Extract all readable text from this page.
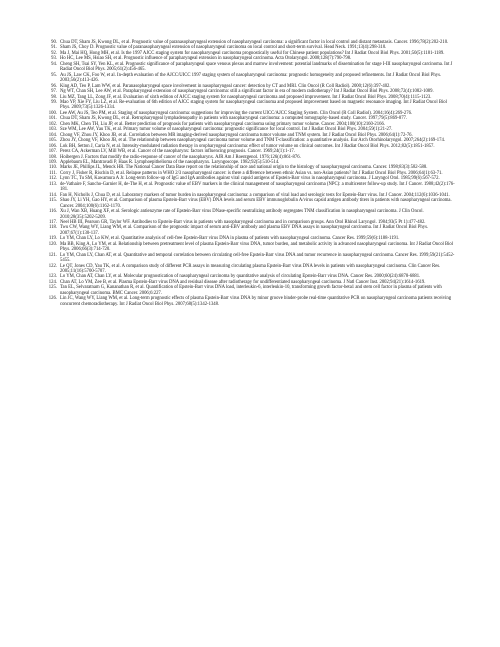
90. Chua DT, Sham JS, Kwong DL, et al. Prognostic value of paranasopharyngeal extension of nasopharyngeal carcinoma: a significant factor in local control and distant metastasis. Cancer. 1996;78(2):202-210.
91. Sham JS, Choy D. Prognostic value of paranasopharyngeal extension of nasopharyngeal carcinoma on local control and short-term survival. Head Neck. 1991;13(4):298-310.
92. Ma J, Mai HQ, Hong MH, et al. Is the 1997 AJCC staging system for nasopharyngeal carcinoma prognostically useful for Chinese patient populations? Int J Radiat Oncol Biol Phys. 2001;50(5):1181-1189.
93. Ho HC, Lee MS, Hsiao SH, et al. Prognostic influence of parapharyngeal extension in nasopharyngeal carcinoma. Acta Otolaryngol. 2008;128(7):790-798.
94. Cheng SH, Tsai SY, Yen KL, et al. Prognostic significance of parapharyngeal space venous plexus and marrow involvement: potential landmarks of dissemination for stage I-III nasopharyngeal carcinoma. Int J Radiat Oncol Biol Phys. 2005;61(2):456-465.
95. Au JS, Law CK, Foo W, et al. In-depth evaluation of the AJCC/UICC 1997 staging system of nasopharyngeal carcinoma: prognostic homogeneity and proposed refinements. Int J Radiat Oncol Biol Phys. 2003;56(2):413-426.
96. King AD, Teo P, Lam WW, et al. Paranasopharyngeal space involvement in nasopharyngeal cancer: detection by CT and MRI. Clin Oncol (R Coll Radiol). 2000;12(6):397-402.
97. Ng WT, Chan SH, Lee AW, et al. Parapharyngeal extension of nasopharyngeal carcinoma: still a significant factor in era of modern radiotherapy? Int J Radiat Oncol Biol Phys. 2008;72(4):1082-1089.
98. Liu MZ, Tang LL, Zong JF, et al. Evaluation of sixth edition of AJCC staging system for nasopharyngeal carcinoma and proposed improvement. Int J Radiat Oncol Biol Phys. 2008;70(4):1115-1123.
99. Mao YP, Xie FY, Liu LZ, et al. Re-evaluation of 6th edition of AJCC staging system for nasopharyngeal carcinoma and proposed improvement based on magnetic resonance imaging. Int J Radiat Oncol Biol Phys. 2009;73(5):1326-1334.
100. Lee AW, Au JS, Teo PM, et al. Staging of nasopharyngeal carcinoma: suggestions for improving the current UICC/AJCC Staging System. Clin Oncol (R Coll Radiol). 2004;16(4):269-276.
101. Chua DT, Sham JS, Kwong DL, et al. Retropharyngeal lymphadenopathy in patients with nasopharyngeal carcinoma: a computed tomography-based study. Cancer. 1997;79(5):869-877.
102. Chen MK, Chen TH, Liu JP, et al. Better prediction of prognosis for patients with nasopharyngeal carcinoma using primary tumor volume. Cancer. 2004;100(10):2160-2166.
103. Sze WM, Lee AW, Yau TK, et al. Primary tumor volume of nasopharyngeal carcinoma: prognostic significance for local control. Int J Radiat Oncol Biol Phys. 2004;59(1):21-27.
104. Chong VF, Zhou JY, Khoo JB, et al. Correlation between MR imaging-derived nasopharyngeal carcinoma tumor volume and TNM system. Int J Radiat Oncol Biol Phys. 2006;64(1):72-76.
105. Zhou JY, Chong VF, Khoo JB, et al. The relationship between nasopharyngeal carcinoma tumor volume and TNM T-classification: a quantitative analysis. Eur Arch Otorhinolaryngol. 2007;264(2):169-174.
106. Lok BH, Setton J, Caria N, et al. Intensity-modulated radiation therapy in oropharyngeal carcinoma: effect of tumor volume on clinical outcomes. Int J Radiat Oncol Biol Phys. 2012;82(5):1851-1857.
107. Perez CA, Ackerman LV, Mill WB, et al. Cancer of the nasopharynx: factors influencing prognosis. Cancer. 1969;24(1):1-17.
108. Hoibergen J. Factors that modify the radio-response of cancer of the nasopharynx. AJR Am J Roentgenol. 1976;126(4):861-876.
109. Applebaum EL, Mantravadi P, Haas R. Lymphoepithelioma of the nasopharynx. Laryngoscope. 1982;92(5):510-514.
110. Marks JE, Phillips JL, Menck HR. The National Cancer Data Base report on the relationship of race and national origin to the histology of nasopharyngeal carcinoma. Cancer. 1998;83(3):582-588.
111. Corry J, Fisher R, Rischin D, et al. Relapse patterns in WHO 2/3 nasopharyngeal cancer: is there a difference between ethnic Asian vs. non-Asian patients? Int J Radiat Oncol Biol Phys. 2006;64(1):63-71.
112. Lynn TC, Tu SM, Kawamura A Jr. Long-term follow-up of IgG and IgA antibodies against viral capsid antigens of Epstein-Barr virus in nasopharyngeal carcinoma. J Laryngol Otol. 1985;99(6):567-572.
113. de-Vathaire F, Sancho-Garnier H, de-The H, et al. Prognostic value of EBV markers in the clinical management of nasopharyngeal carcinoma (NPC): a multicenter follow-up study. Int J Cancer. 1988;42(2):176-181.
114. Fan H, Nicholls J, Chua D, et al. Laboratory markers of tumor burden in nasopharyngeal carcinoma: a comparison of viral load and serologic tests for Epstein-Barr virus. Int J Cancer. 2004;112(6):1036-1041.
115. Shao JY, Li YH, Gao HY, et al. Comparison of plasma Epstein-Barr virus (EBV) DNA levels and serum EBV immunoglobulin A/virus capsid antigen antibody titers in patients with nasopharyngeal carcinoma. Cancer. 2004;100(6):1162-1170.
116. Xu J, Wan XB, Huang XF, et al. Serologic antienzyme rate of Epstein-Barr virus DNase-specific neutralizing antibody segregates TNM classification in nasopharyngeal carcinoma. J Clin Oncol. 2010;28(35):5202-5209.
117. Neel HB III, Pearson GR, Taylor WF. Antibodies to Epstein-Barr virus in patients with nasopharyngeal carcinoma and in comparison groups. Ann Otol Rhinol Laryngol. 1984;93(5 Pt 1):477-482.
118. Twu CW, Wang WY, Liang WM, et al. Comparison of the prognostic impact of serum anti-EBV antibody and plasma EBV DNA assays in nasopharyngeal carcinoma. Int J Radiat Oncol Biol Phys. 2007;67(1):130-137.
119. Lo YM, Chan LY, Lo KW, et al. Quantitative analysis of cell-free Epstein-Barr virus DNA in plasma of patients with nasopharyngeal carcinoma. Cancer Res. 1999;59(6):1188-1191.
120. Ma BB, King A, Lo YM, et al. Relationship between pretreatment level of plasma Epstein-Barr virus DNA, tumor burden, and metabolic activity in advanced nasopharyngeal carcinoma. Int J Radiat Oncol Biol Phys. 2006;66(3):714-720.
121. Lo YM, Chan LY, Chan AT, et al. Quantitative and temporal correlation between circulating cell-free Epstein-Barr virus DNA and tumor recurrence in nasopharyngeal carcinoma. Cancer Res. 1999;59(21):5452-5455.
122. Le QT, Jones CD, Yau TK, et al. A comparison study of different PCR assays in measuring circulating plasma Epstein-Barr virus DNA levels in patients with nasopharyngeal carcinoma. Clin Cancer Res. 2005;11(16):5700-5707.
123. Lo YM, Chan AT, Chan LY, et al. Molecular prognostication of nasopharyngeal carcinoma by quantitative analysis of circulating Epstein-Barr virus DNA. Cancer Res. 2000;60(24):6878-6881.
124. Chan AT, Lo YM, Zee B, et al. Plasma Epstein-Barr virus DNA and residual disease after radiotherapy for undifferentiated nasopharyngeal carcinoma. J Natl Cancer Inst. 2002;94(21):1614-1619.
125. Tan EL, Selvaratnam G, Kananathan R, et al. Quantification of Epstein-Barr virus DNA load, interleukin-6, interleukin-10, transforming growth factor-beta1 and stem cell factor in plasma of patients with nasopharyngeal carcinoma. BMC Cancer. 2006;6:227.
126. Lin JC, Wang WY, Liang WM, et al. Long-term prognostic effects of plasma Epstein-Barr virus DNA by minor groove binder-probe real-time quantitative PCR on nasopharyngeal carcinoma patients receiving concurrent chemoradiotherapy. Int J Radiat Oncol Biol Phys. 2007;68(5):1342-1348.
